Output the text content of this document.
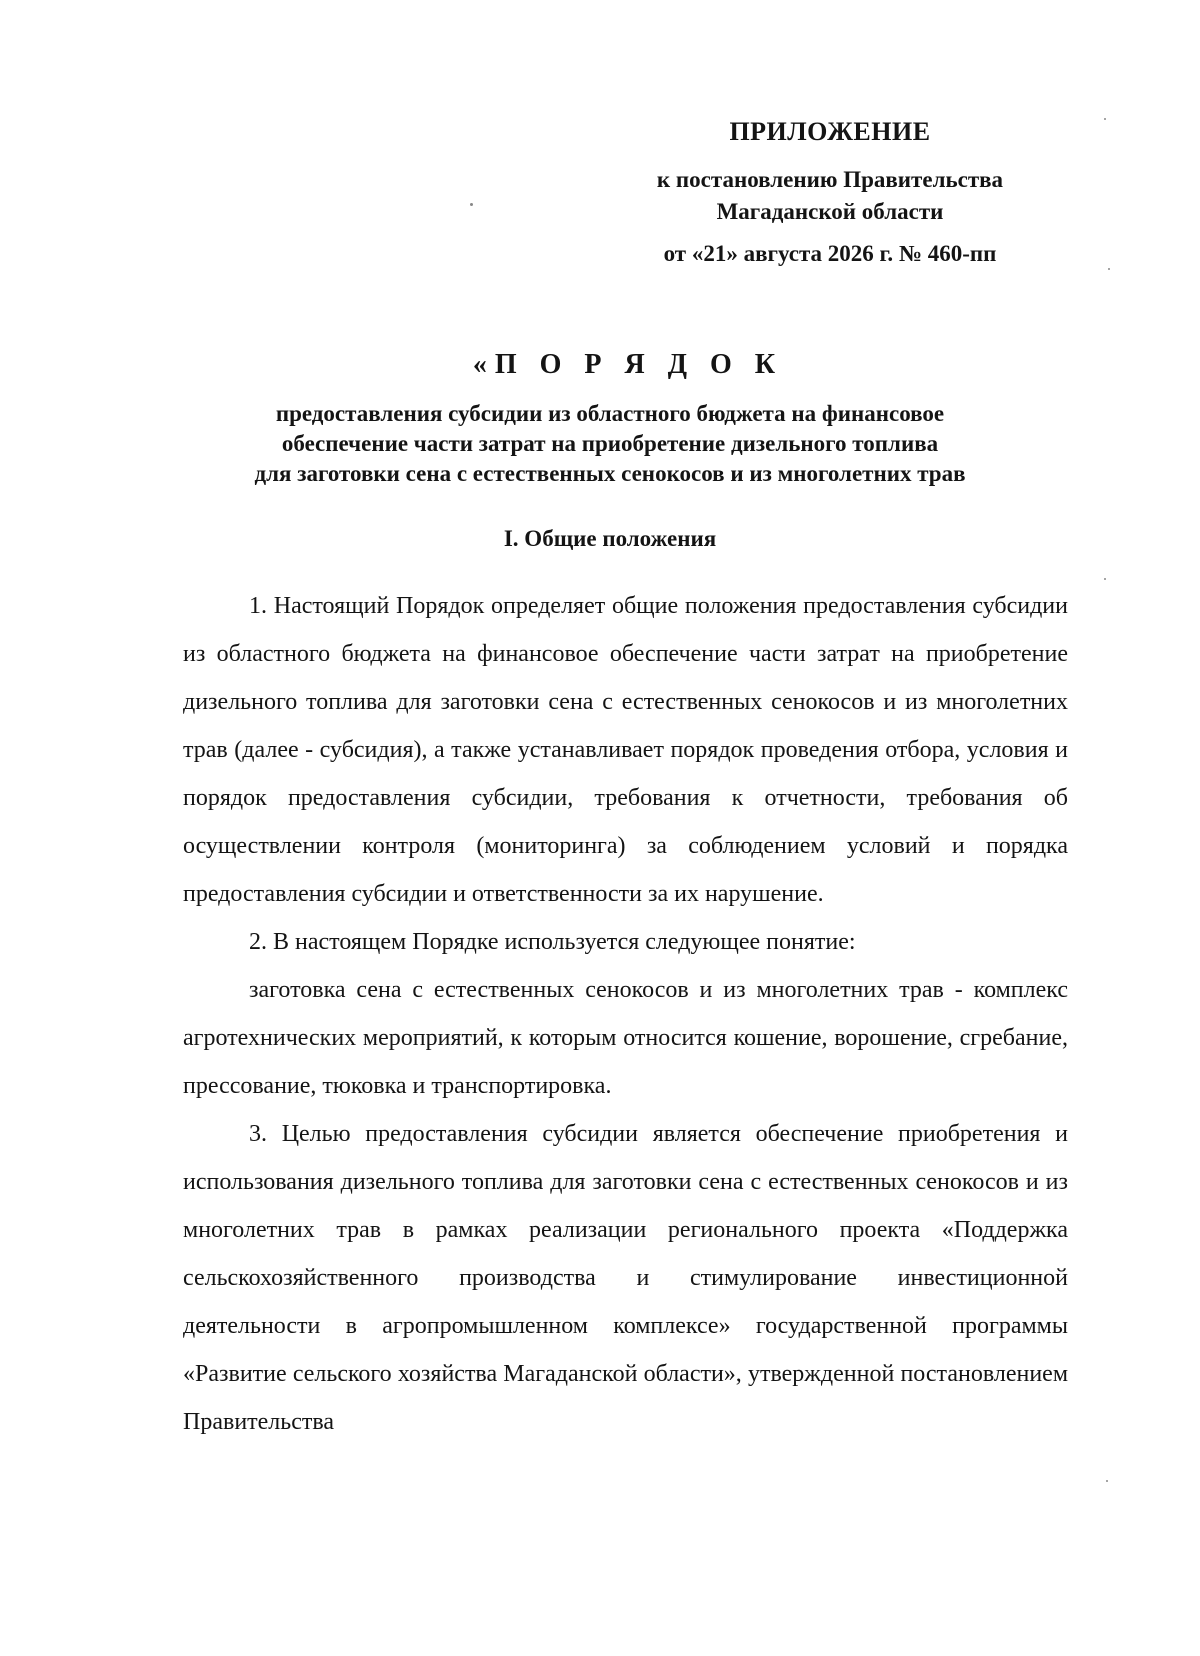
ПРИЛОЖЕНИЕ

к постановлению Правительства

Магаданской области

от «21» августа 2026 г. № 460-пп

«П О Р Я Д О К

предоставления субсидии из областного бюджета на финансовое

обеспечение части затрат на приобретение дизельного топлива

для заготовки сена с естественных сенокосов и из многолетних трав

I. Общие положения

1. Настоящий Порядок определяет общие положения предоставления субсидии из областного бюджета на финансовое обеспечение части затрат на приобретение дизельного топлива для заготовки сена с естественных сенокосов и из многолетних трав (далее - субсидия), а также устанавливает порядок проведения отбора, условия и порядок предоставления субсидии, требования к отчетности, требования об осуществлении контроля (мониторинга) за соблюдением условий и порядка предоставления субсидии и ответственности за их нарушение.

2. В настоящем Порядке используется следующее понятие:

заготовка сена с естественных сенокосов и из многолетних трав - комплекс агротехнических мероприятий, к которым относится кошение, ворошение, сгребание, прессование, тюковка и транспортировка.

3. Целью предоставления субсидии является обеспечение приобретения и использования дизельного топлива для заготовки сена с естественных сенокосов и из многолетних трав в рамках реализации регионального проекта «Поддержка сельскохозяйственного производства и стимулирование инвестиционной деятельности в агропромышленном комплексе» государственной программы «Развитие сельского хозяйства Магаданской области», утвержденной постановлением Правительства
